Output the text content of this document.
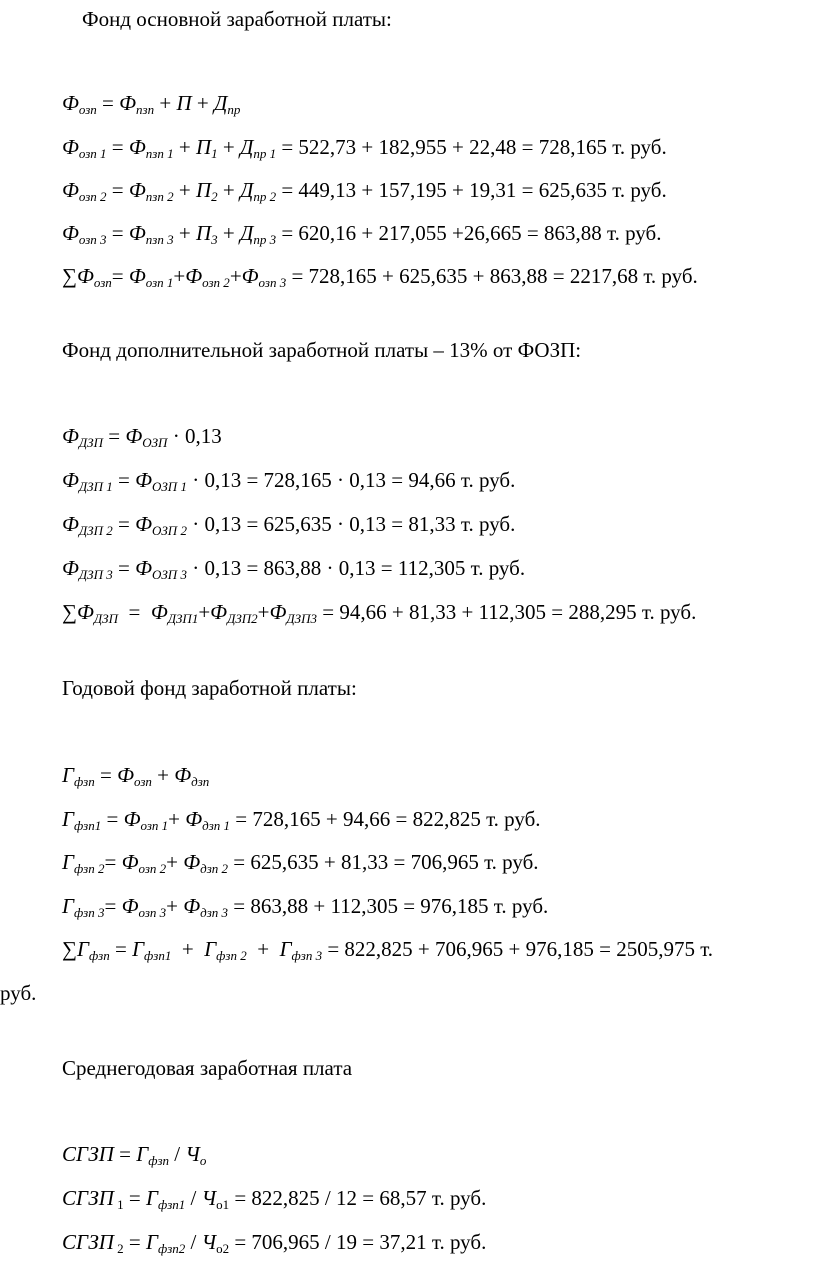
Фонд основной заработной платы:
$Ф_{озп} = Ф_{пзп} + П + Д_{пр}$
$Ф_{озп 1} = Ф_{пзп 1} + П_1 + Д_{пр 1} = 522,73 + 182,955 + 22,48 = 728,165$ т. руб.
$Ф_{озп 2} = Ф_{пзп 2} + П_2 + Д_{пр 2} = 449,13 + 157,195 + 19,31 = 625,635$ т. руб.
$Ф_{озп 3} = Ф_{пзп 3} + П_3 + Д_{пр 3} = 620,16 + 217,055 +26,665 = 863,88$ т. руб.
$\sum Ф_{озп}= Ф_{озп 1}+Ф_{озп 2}+Ф_{озп 3} = 728,165 + 625,635 + 863,88 = 2217,68$ т. руб.
Фонд дополнительной заработной платы – 13% от ФОЗП:
$Ф_{ДЗП} = Ф_{ОЗП} \cdot 0,13$
$Ф_{ДЗП 1} = Ф_{ОЗП 1} \cdot 0,13 = 728,165 \cdot 0,13 = 94,66$ т. руб.
$Ф_{ДЗП 2} = Ф_{ОЗП 2} \cdot 0,13 = 625,635 \cdot 0,13 = 81,33$ т. руб.
$Ф_{ДЗП 3} = Ф_{ОЗП 3} \cdot 0,13 = 863,88 \cdot 0,13 = 112,305$ т. руб.
$\sum Ф_{ДЗП} = Ф_{ДЗП1}+Ф_{ДЗП2}+Ф_{ДЗП3} = 94,66 + 81,33 + 112,305 = 288,295$ т. руб.
Годовой фонд заработной платы:
$Г_{фзп} = Ф_{озп} + Ф_{дзп}$
$Г_{фзп1} = Ф_{озп 1}+ Ф_{дзп 1} = 728,165 + 94,66 = 822,825$ т. руб.
$Г_{фзп 2}= Ф_{озп 2}+ Ф_{дзп 2} = 625,635 + 81,33 = 706,965$ т. руб.
$Г_{фзп 3}= Ф_{озп 3}+ Ф_{дзп 3} = 863,88 + 112,305 = 976,185$ т. руб.
$\sum Г_{фзп} = Г_{фзп1} + Г_{фзп 2} + Г_{фзп 3} = 822,825 + 706,965 + 976,185 = 2505,975$ т.
руб.
Среднегодовая заработная плата
СГЗП = $Г_{фзп} / Ч_о$
СГЗП $_1 = Г_{фзп1} / Ч_{о1} = 822,825 / 12 = 68,57$ т. руб.
СГЗП $_2 = Г_{фзп2} / Ч_{о2} = 706,965 / 19 = 37,21$ т. руб.
